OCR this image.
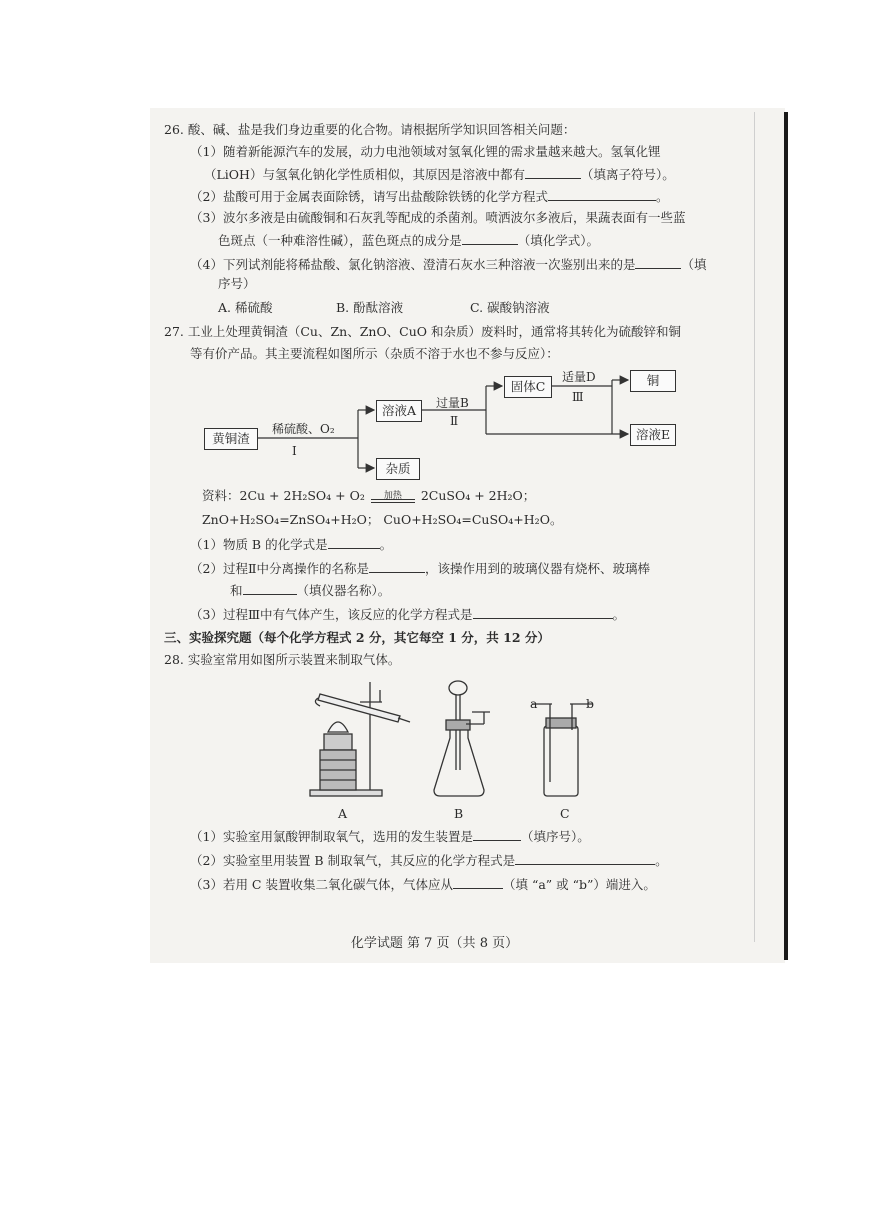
26. 酸、碱、盐是我们身边重要的化合物。请根据所学知识回答相关问题：
（1）随着新能源汽车的发展，动力电池领域对氢氧化锂的需求量越来越大。氢氧化锂
（LiOH）与氢氧化钠化学性质相似，其原因是溶液中都有	（填离子符号）。
（2）盐酸可用于金属表面除锈，请写出盐酸除铁锈的化学方程式	。
（3）波尔多液是由硫酸铜和石灰乳等配成的杀菌剂。喷洒波尔多液后，果蔬表面有一些蓝
色斑点（一种难溶性碱），蓝色斑点的成分是	（填化学式）。
（4）下列试剂能将稀盐酸、氯化钠溶液、澄清石灰水三种溶液一次鉴别出来的是	（填
序号）
A. 稀硫酸	B. 酚酞溶液	C. 碳酸钠溶液
27. 工业上处理黄铜渣（Cu、Zn、ZnO、CuO 和杂质）废料时，通常将其转化为硫酸锌和铜
等有价产品。其主要流程如图所示（杂质不溶于水也不参与反应）：
黄铜渣
稀硫酸、O₂
Ⅰ
溶液A
杂质
过量B
Ⅱ
固体C
适量D
Ⅲ
铜
溶液E
资料：2Cu + 2H₂SO₄ + O₂ 加热 2CuSO₄ + 2H₂O；
ZnO+H₂SO₄=ZnSO₄+H₂O； CuO+H₂SO₄=CuSO₄+H₂O。
（1）物质 B 的化学式是	。
（2）过程Ⅱ中分离操作的名称是	，该操作用到的玻璃仪器有烧杯、玻璃棒
和	（填仪器名称）。
（3）过程Ⅲ中有气体产生，该反应的化学方程式是	。
三、实验探究题（每个化学方程式 2 分，其它每空 1 分，共 12 分）
28. 实验室常用如图所示装置来制取气体。
A	B	C
a	b
（1）实验室用氯酸钾制取氧气，选用的发生装置是	（填序号）。
（2）实验室里用装置 B 制取氧气，其反应的化学方程式是	。
（3）若用 C 装置收集二氧化碳气体，气体应从	（填 “a” 或 “b”）端进入。
化学试题 第 7 页（共 8 页）
